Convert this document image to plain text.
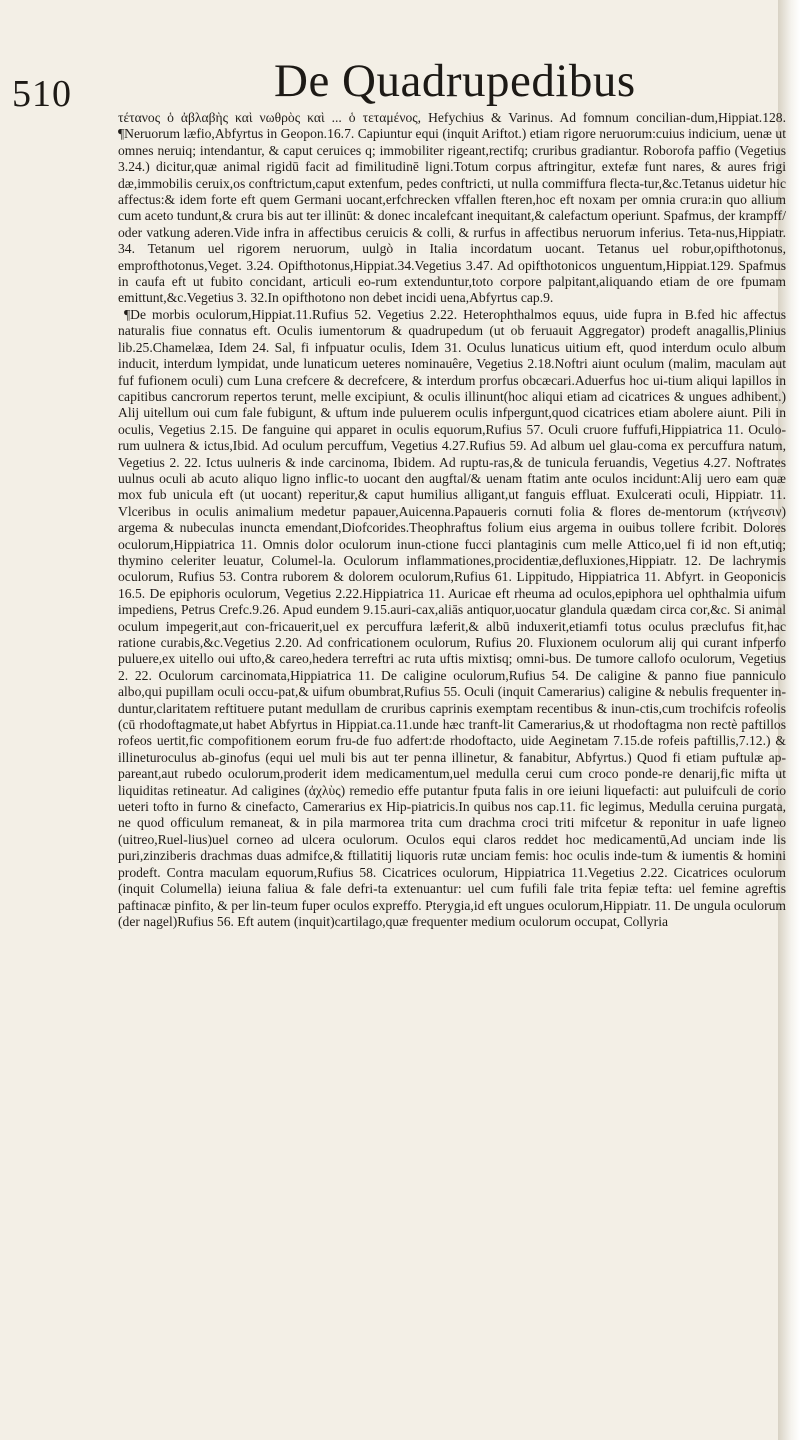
510	De Quadrupedibus

τέτανος ὁ ἀβλαβὴς καὶ νωθρὸς καὶ ... ὁ τεταμένος, Hefychius & Varinus. Ad fomnum concilian-dum,Hippiat.128. ¶Neruorum læfio,Abfyrtus in Geopon.16.7. Capiuntur equi (inquit Ariftot.) etiam rigore neruorum:cuius indicium, uenæ ut omnes neruiq; intendantur, & caput ceruices q; immobiliter rigeant,rectifq; cruribus gradiantur. Roborofa paffio (Vegetius 3.24.) dicitur,quæ animal rigidū facit ad fimilitudinē ligni.Totum corpus aftringitur, extefæ funt nares, & aures frigi dæ,immobilis ceruix,os conftrictum,caput extenfum, pedes conftricti, ut nulla commiffura flecta-tur,&c.Tetanus uidetur hic affectus:& idem forte eft quem Germani uocant,erfchrecken vffallen fteren,hoc eft noxam per omnia crura:in quo allium cum aceto tundunt,& crura bis aut ter illinūt: & donec incalefcant inequitant,& calefactum operiunt. Spafmus, der krampff/ oder vatkung aderen.Vide infra in affectibus ceruicis & colli, & rurfus in affectibus neruorum inferius. Teta-nus,Hippiatr. 34. Tetanum uel rigorem neruorum, uulgò in Italia incordatum uocant. Tetanus uel robur,opifthotonus, emprofthotonus,Veget. 3.24. Opifthotonus,Hippiat.34.Vegetius 3.47. Ad opifthotonicos unguentum,Hippiat.129. Spafmus in caufa eft ut fubito concidant, articuli eo-rum extenduntur,toto corpore palpitant,aliquando etiam de ore fpumam emittunt,&c.Vegetius 3. 32.In opifthotono non debet incidi uena,Abfyrtus cap.9.

¶De morbis oculorum,Hippiat.11.Rufius 52. Vegetius 2.22. Heterophthalmos equus, uide fupra in B.fed hic affectus naturalis fiue connatus eft. Oculis iumentorum & quadrupedum (ut ob feruauit Aggregator) prodeft anagallis,Plinius lib.25.Chamelæa, Idem 24. Sal, fi infpuatur oculis, Idem 31. Oculus lunaticus uitium eft, quod interdum oculo album inducit, interdum lympidat, unde lunaticum ueteres nominauêre, Vegetius 2.18.Noftri aiunt oculum (malim, maculam aut fuf fufionem oculi) cum Luna crefcere & decrefcere, & interdum prorfus obcæcari.Aduerfus hoc ui-tium aliqui lapillos in capitibus cancrorum repertos terunt, melle excipiunt, & oculis illinunt(hoc aliqui etiam ad cicatrices & ungues adhibent.) Alij uitellum oui cum fale fubigunt, & uftum inde puluerem oculis infpergunt,quod cicatrices etiam abolere aiunt. Pili in oculis, Vegetius 2.15. De fanguine qui apparet in oculis equorum,Rufius 57. Oculi cruore fuffufi,Hippiatrica 11. Oculo-rum uulnera & ictus,Ibid. Ad oculum percuffum, Vegetius 4.27.Rufius 59. Ad album uel glau-coma ex percuffura natum, Vegetius 2. 22. Ictus uulneris & inde carcinoma, Ibidem. Ad ruptu-ras,& de tunicula feruandis, Vegetius 4.27. Noftrates uulnus oculi ab acuto aliquo ligno inflic-to uocant den augftal/& uenam ftatim ante oculos incidunt:Alij uero eam quæ mox fub unicula eft (ut uocant) reperitur,& caput humilius alligant,ut fanguis effluat. Exulcerati oculi, Hippiatr. 11. Vlceribus in oculis animalium medetur papauer,Auicenna.Papaueris cornuti folia & flores de-mentorum (κτήνεσιν) argema & nubeculas inuncta emendant,Diofcorides.Theophraftus folium eius argema in ouibus tollere fcribit. Dolores oculorum,Hippiatrica 11. Omnis dolor oculorum inun-ctione fucci plantaginis cum melle Attico,uel fi id non eft,utiq; thymino celeriter leuatur, Columel-la. Oculorum inflammationes,procidentiæ,defluxiones,Hippiatr. 12. De lachrymis oculorum, Rufius 53. Contra ruborem & dolorem oculorum,Rufius 61. Lippitudo, Hippiatrica 11. Abfyrt. in Geoponicis 16.5. De epiphoris oculorum, Vegetius 2.22.Hippiatrica 11. Auricae eft rheuma ad oculos,epiphora uel ophthalmia uifum impediens, Petrus Crefc.9.26. Apud eundem 9.15.auri-cax,aliās antiquor,uocatur glandula quædam circa cor,&c. Si animal oculum impegerit,aut con-fricauerit,uel ex percuffura læferit,& albū induxerit,etiamfi totus oculus præclufus fit,hac ratione curabis,&c.Vegetius 2.20. Ad confricationem oculorum, Rufius 20. Fluxionem oculorum alij qui curant infperfo puluere,ex uitello oui ufto,& careo,hedera terreftri ac ruta uftis mixtisq; omni-bus. De tumore callofo oculorum, Vegetius 2. 22. Oculorum carcinomata,Hippiatrica 11. De caligine oculorum,Rufius 54. De caligine & panno fiue panniculo albo,qui pupillam oculi occu-pat,& uifum obumbrat,Rufius 55. Oculi (inquit Camerarius) caligine & nebulis frequenter in-duntur,claritatem reftituere putant medullam de cruribus caprinis exemptam recentibus & inun-ctis,cum trochifcis rofeolis (cū rhodoftagmate,ut habet Abfyrtus in Hippiat.ca.11.unde hæc tranft-lit Camerarius,& ut rhodoftagma non rectè paftillos rofeos uertit,fic compofitionem eorum fru-de fuo adfert:de rhodoftacto, uide Aeginetam 7.15.de rofeis paftillis,7.12.) & illineturoculus ab-ginofus (equi uel muli bis aut ter penna illinetur, & fanabitur, Abfyrtus.) Quod fi etiam puftulæ ap-pareant,aut rubedo oculorum,proderit idem medicamentum,uel medulla cerui cum croco ponde-re denarij,fic mifta ut liquiditas retineatur. Ad caligines (ἀχλὺς) remedio effe putantur fputa falis in ore ieiuni liquefacti: aut puluifculi de corio ueteri tofto in furno & cinefacto, Camerarius ex Hip-piatricis.In quibus nos cap.11. fic legimus, Medulla ceruina purgata, ne quod officulum remaneat, & in pila marmorea trita cum drachma croci triti mifcetur & reponitur in uafe ligneo (uitreo,Ruel-lius)uel corneo ad ulcera oculorum. Oculos equi claros reddet hoc medicamentū,Ad unciam inde lis puri,zinziberis drachmas duas admifce,& ftillatitij liquoris rutæ unciam femis: hoc oculis inde-tum & iumentis & homini prodeft. Contra maculam equorum,Rufius 58. Cicatrices oculorum, Hippiatrica 11.Vegetius 2.22. Cicatrices oculorum (inquit Columella) ieiuna faliua & fale defri-ta extenuantur: uel cum fufili fale trita fepiæ tefta: uel femine agreftis paftinacæ pinfito, & per lin-teum fuper oculos expreffo. Pterygia,id eft ungues oculorum,Hippiatr. 11. De ungula oculorum (der nagel)Rufius 56. Eft autem (inquit)cartilago,quæ frequenter medium oculorum occupat, Collyria
